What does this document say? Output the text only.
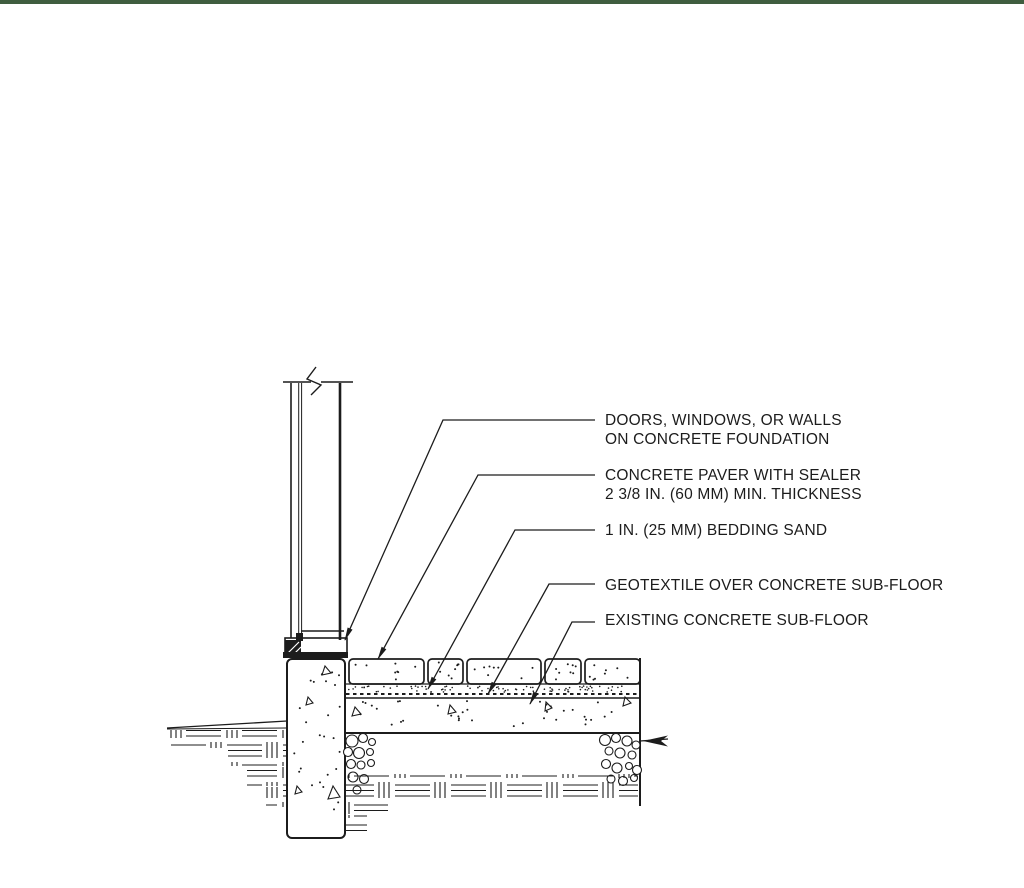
DOORS, WINDOWS, OR WALLS
ON CONCRETE FOUNDATION
CONCRETE PAVER WITH SEALER
2 3/8 IN. (60 MM) MIN. THICKNESS
1 IN. (25 MM) BEDDING SAND
GEOTEXTILE OVER CONCRETE SUB-FLOOR
EXISTING CONCRETE SUB-FLOOR
